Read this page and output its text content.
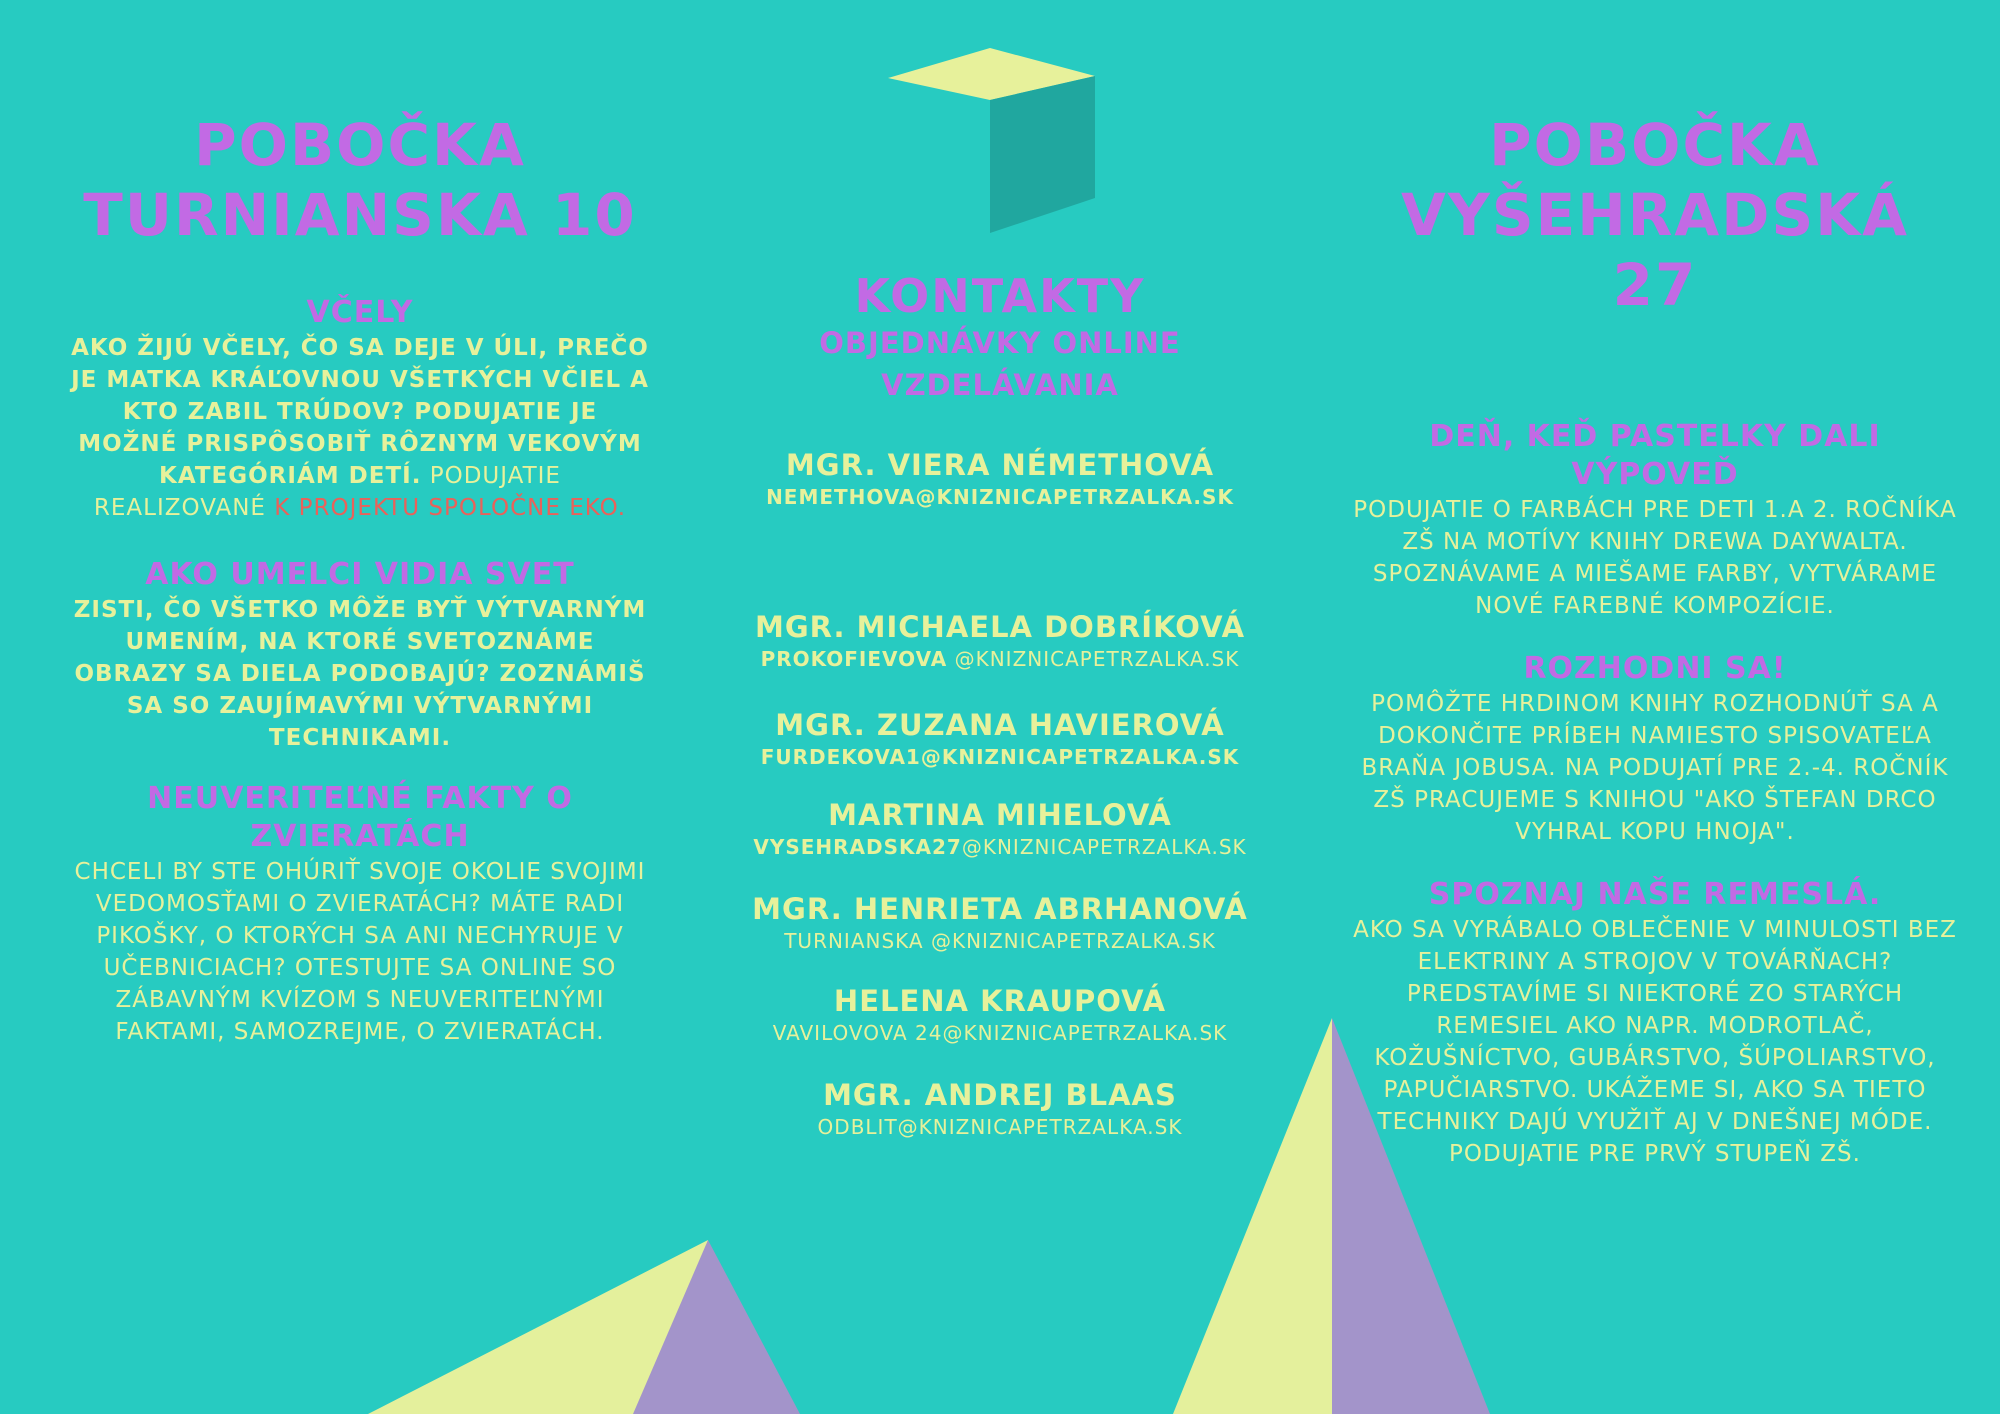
POBOČKA
TURNIANSKA 10
VČELY

AKO ŽIJÚ VČELY, ČO SA DEJE V ÚLI, PREČO JE MATKA KRÁĽOVNOU VŠETKÝCH VČIEL A KTO ZABIL TRÚDOV? PODUJATIE JE MOŽNÉ PRISPÔSOBIŤ RÔZNYM VEKOVÝM KATEGÓRIÁM DETÍ. PODUJATIE REALIZOVANÉ K PROJEKTU SPOLOČNE EKO.

AKO UMELCI VIDIA SVET

ZISTI, ČO VŠETKO MÔŽE BYŤ VÝTVARNÝM UMENÍM, NA KTORÉ SVETOZNÁME OBRAZY SA DIELA PODOBAJÚ? ZOZNÁMIŠ SA SO ZAUJÍMAVÝMI VÝTVARNÝMI TECHNIKAMI.

NEUVERITEĽNÉ FAKTY O ZVIERATÁCH

CHCELI BY STE OHÚRIŤ SVOJE OKOLIE SVOJIMI VEDOMOSŤAMI O ZVIERATÁCH? MÁTE RADI PIKOŠKY, O KTORÝCH SA ANI NECHYRUJE V UČEBNICIACH? OTESTUJTE SA ONLINE SO ZÁBAVNÝM KVÍZOM S NEUVERITEĽNÝMI FAKTAMI, SAMOZREJME, O ZVIERATÁCH.

KONTAKTY
OBJEDNÁVKY ONLINE
VZDELÁVANIA

MGR. VIERA NÉMETHOVÁ

NEMETHOVA@KNIZNICAPETRZALKA.SK

MGR. MICHAELA DOBRÍKOVÁ

PROKOFIEVOVA @KNIZNICAPETRZALKA.SK

MGR. ZUZANA HAVIEROVÁ

FURDEKOVA1@KNIZNICAPETRZALKA.SK

MARTINA MIHELOVÁ

VYSEHRADSKA27@KNIZNICAPETRZALKA.SK

MGR. HENRIETA ABRHANOVÁ

TURNIANSKA @KNIZNICAPETRZALKA.SK

HELENA KRAUPOVÁ

VAVILOVOVA 24@KNIZNICAPETRZALKA.SK

MGR. ANDREJ BLAAS

ODBLIT@KNIZNICAPETRZALKA.SK

POBOČKA
VYŠEHRADSKÁ 27
DEŇ, KEĎ PASTELKY DALI VÝPOVEĎ

PODUJATIE O FARBÁCH PRE DETI 1.A 2. ROČNÍKA ZŠ NA MOTÍVY KNIHY DREWA DAYWALTA. SPOZNÁVAME A MIEŠAME FARBY, VYTVÁRAME NOVÉ FAREBNÉ KOMPOZÍCIE.

ROZHODNI SA!

POMÔŽTE HRDINOM KNIHY ROZHODNÚŤ SA A DOKONČITE PRÍBEH NAMIESTO SPISOVATEĽA BRAŇA JOBUSA. NA PODUJATÍ PRE 2.-4. ROČNÍK ZŠ PRACUJEME S KNIHOU "AKO ŠTEFAN DRCO VYHRAL KOPU HNOJA".

SPOZNAJ NAŠE REMESLÁ.

AKO SA VYRÁBALO OBLEČENIE V MINULOSTI BEZ ELEKTRINY A STROJOV V TOVÁRŇACH? PREDSTAVÍME SI NIEKTORÉ ZO STARÝCH REMESIEL AKO NAPR. MODROTLAČ, KOŽUŠNÍCTVO, GUBÁRSTVO, ŠÚPOLIARSTVO, PAPUČIARSTVO. UKÁŽEME SI, AKO SA TIETO TECHNIKY DAJÚ VYUŽIŤ AJ V DNEŠNEJ MÓDE.

PODUJATIE PRE PRVÝ STUPEŇ ZŠ.
